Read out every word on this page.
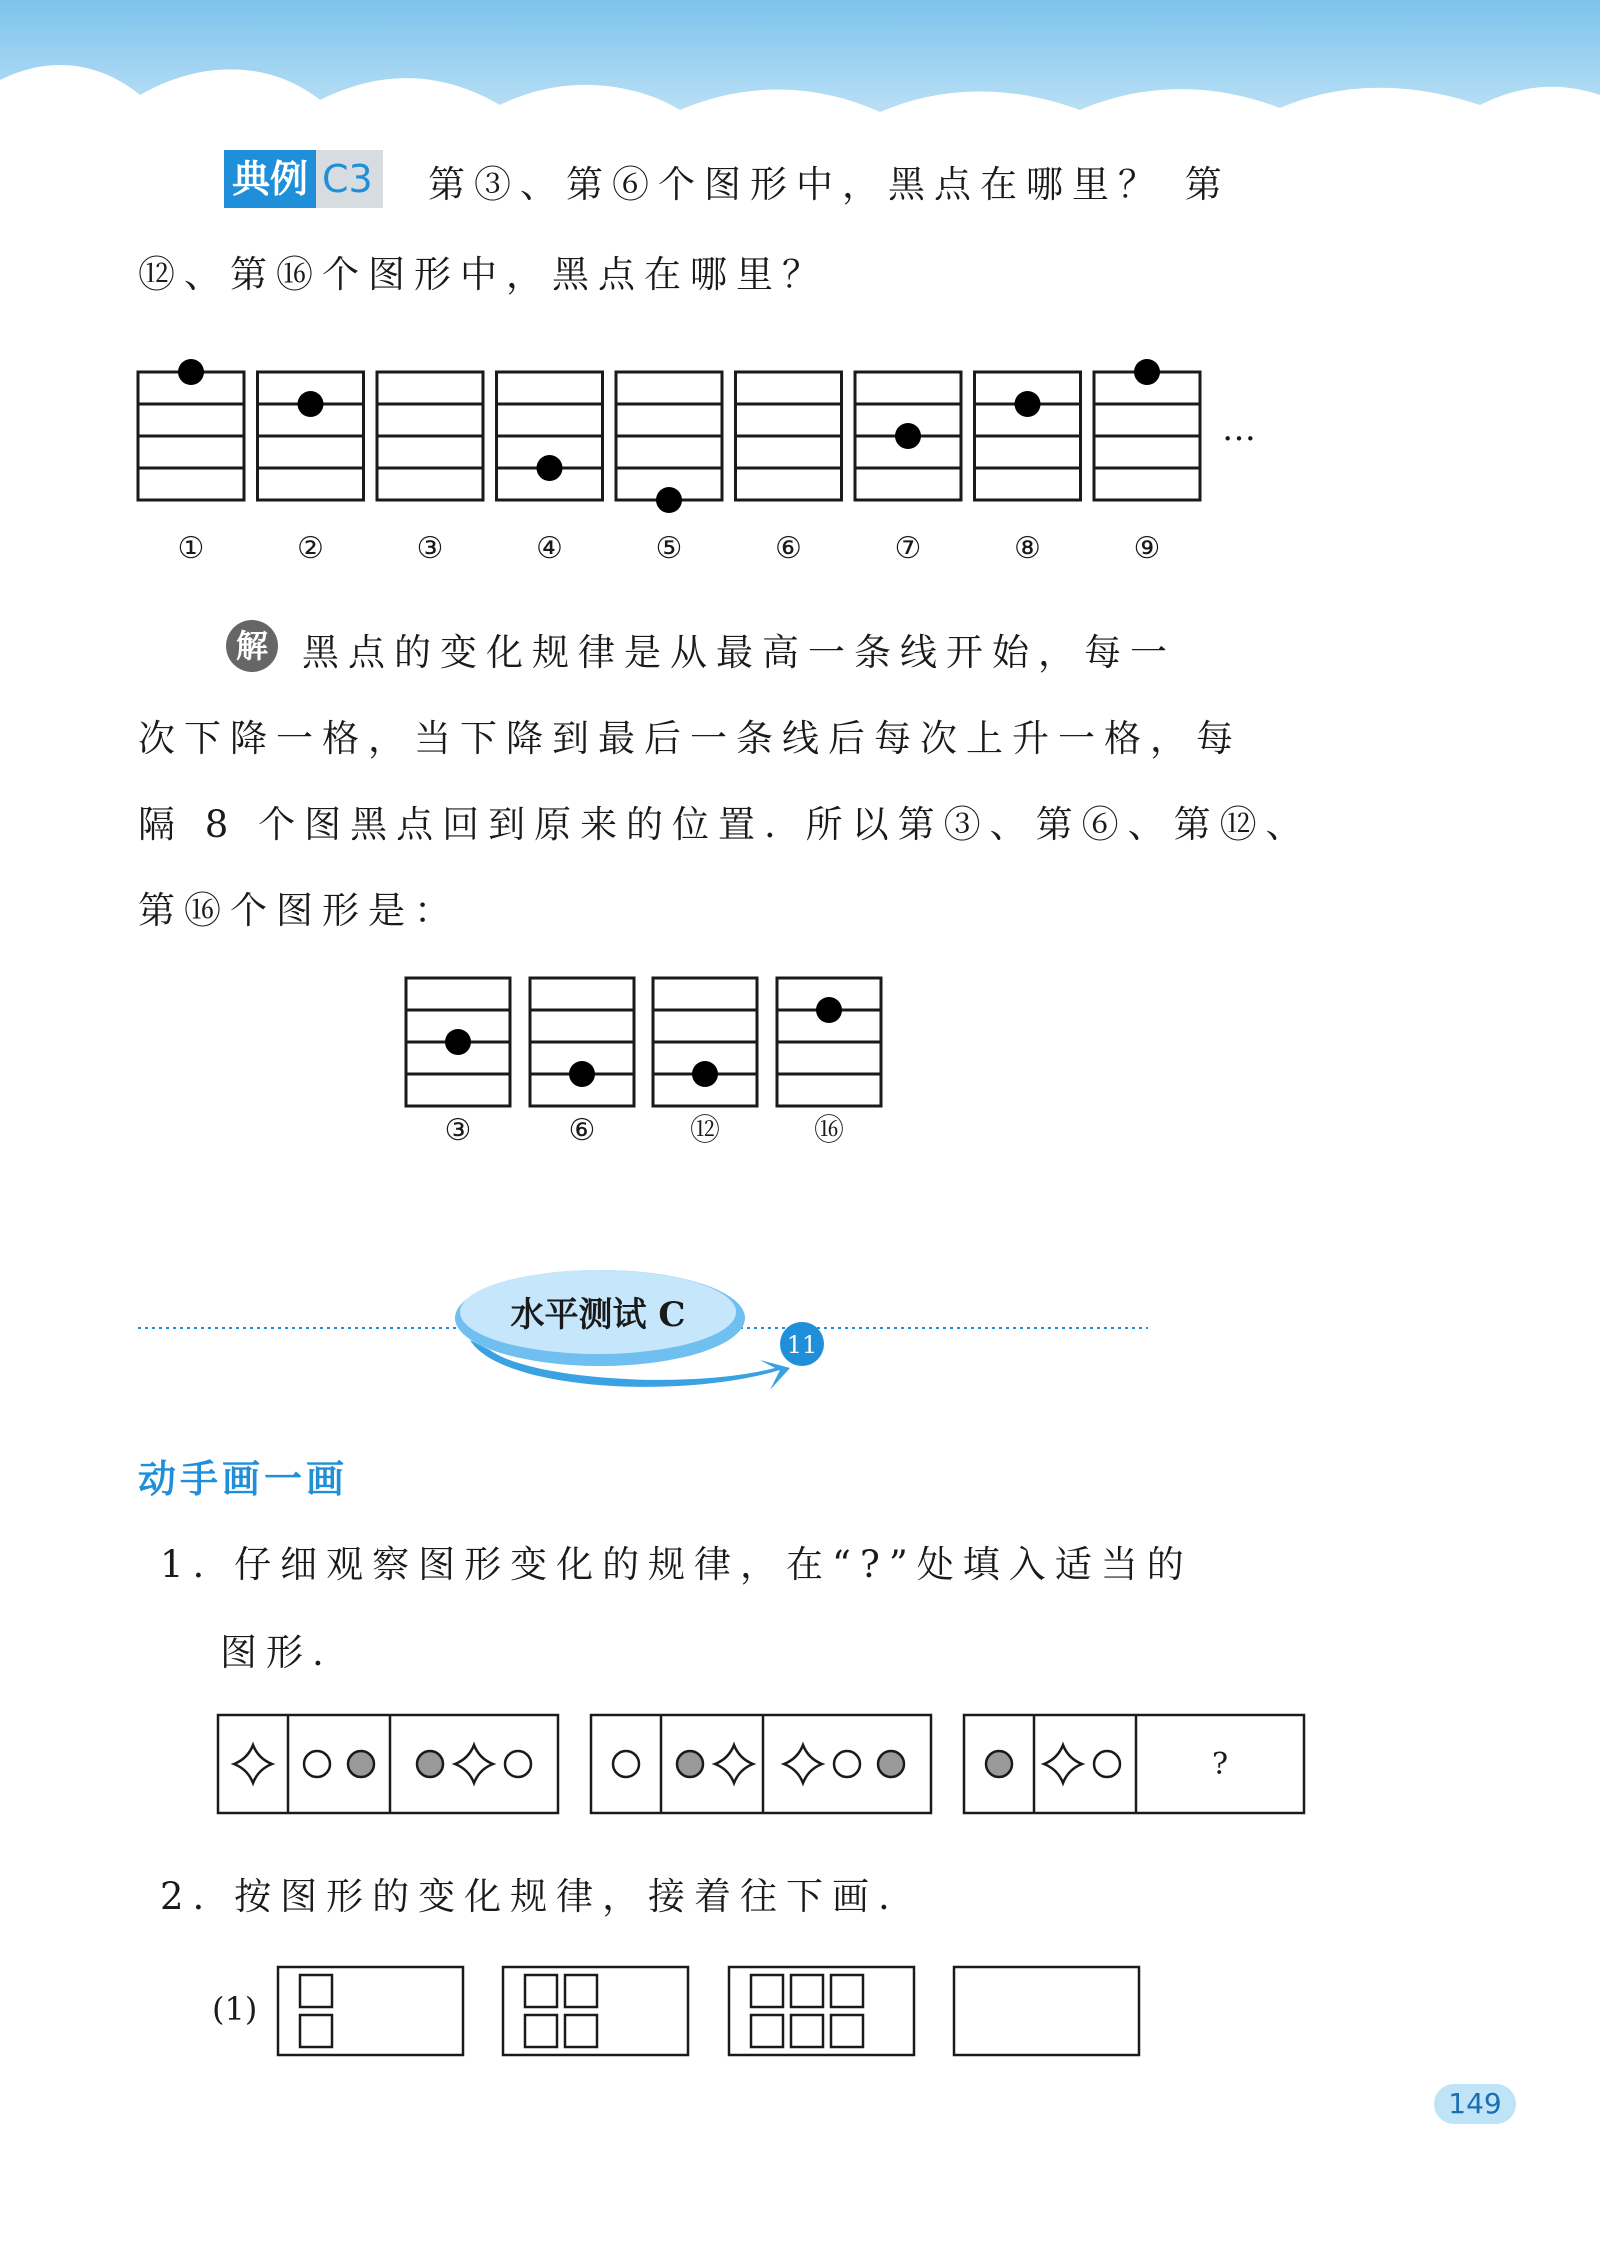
典例 C3 第③、第⑥个图形中，黑点在哪里？ 第
⑫、第⑯个图形中，黑点在哪里？
①	②	③	④	⑤	⑥	⑦	⑧	⑨
…
解 黑点的变化规律是从最高一条线开始，每一
次下降一格，当下降到最后一条线后每次上升一格，每
隔 8 个图黑点回到原来的位置. 所以第③、第⑥、第⑫、
第⑯个图形是：
③	⑥	⑫	⑯
水平测试 C
11
动手画一画
1. 仔细观察图形变化的规律，在“?”处填入适当的
图形.
?
2. 按图形的变化规律，接着往下画.
(1)
149
